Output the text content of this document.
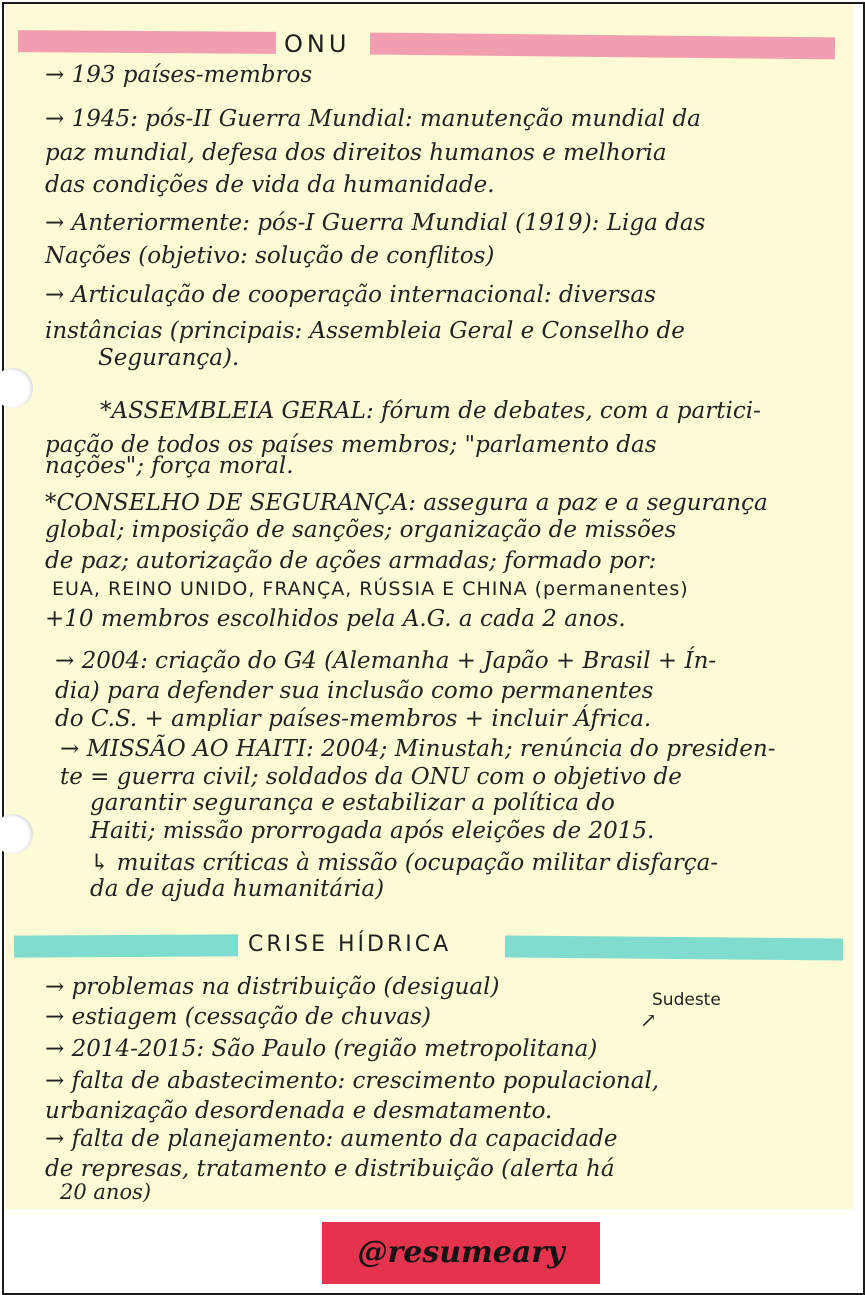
ONU
→ 193 países-membros
→ 1945: pós-II Guerra Mundial: manutenção mundial da
paz mundial, defesa dos direitos humanos e melhoria
das condições de vida da humanidade.
→ Anteriormente: pós-I Guerra Mundial (1919): Liga das
Nações (objetivo: solução de conflitos)
→ Articulação de cooperação internacional: diversas
instâncias (principais: Assembleia Geral e Conselho de
Segurança).
*ASSEMBLEIA GERAL: fórum de debates, com a partici-
pação de todos os países membros; "parlamento das
nações"; força moral.
*CONSELHO DE SEGURANÇA: assegura a paz e a segurança
global; imposição de sanções; organização de missões
de paz; autorização de ações armadas; formado por:
EUA, REINO UNIDO, FRANÇA, RÚSSIA E CHINA (permanentes)
+10 membros escolhidos pela A.G. a cada 2 anos.
→ 2004: criação do G4 (Alemanha + Japão + Brasil + Ín-
dia) para defender sua inclusão como permanentes
do C.S. + ampliar países-membros + incluir África.
→ MISSÃO AO HAITI: 2004; Minustah; renúncia do presiden-
te = guerra civil; soldados da ONU com o objetivo de
garantir segurança e estabilizar a política do
Haiti; missão prorrogada após eleições de 2015.
↳ muitas críticas à missão (ocupação militar disfarça-
da de ajuda humanitária)
CRISE HÍDRICA
Sudeste
↗
→ problemas na distribuição (desigual)
→ estiagem (cessação de chuvas)
→ 2014-2015: São Paulo (região metropolitana)
→ falta de abastecimento: crescimento populacional,
urbanização desordenada e desmatamento.
→ falta de planejamento: aumento da capacidade
de represas, tratamento e distribuição (alerta há
20 anos)
@resumeary
